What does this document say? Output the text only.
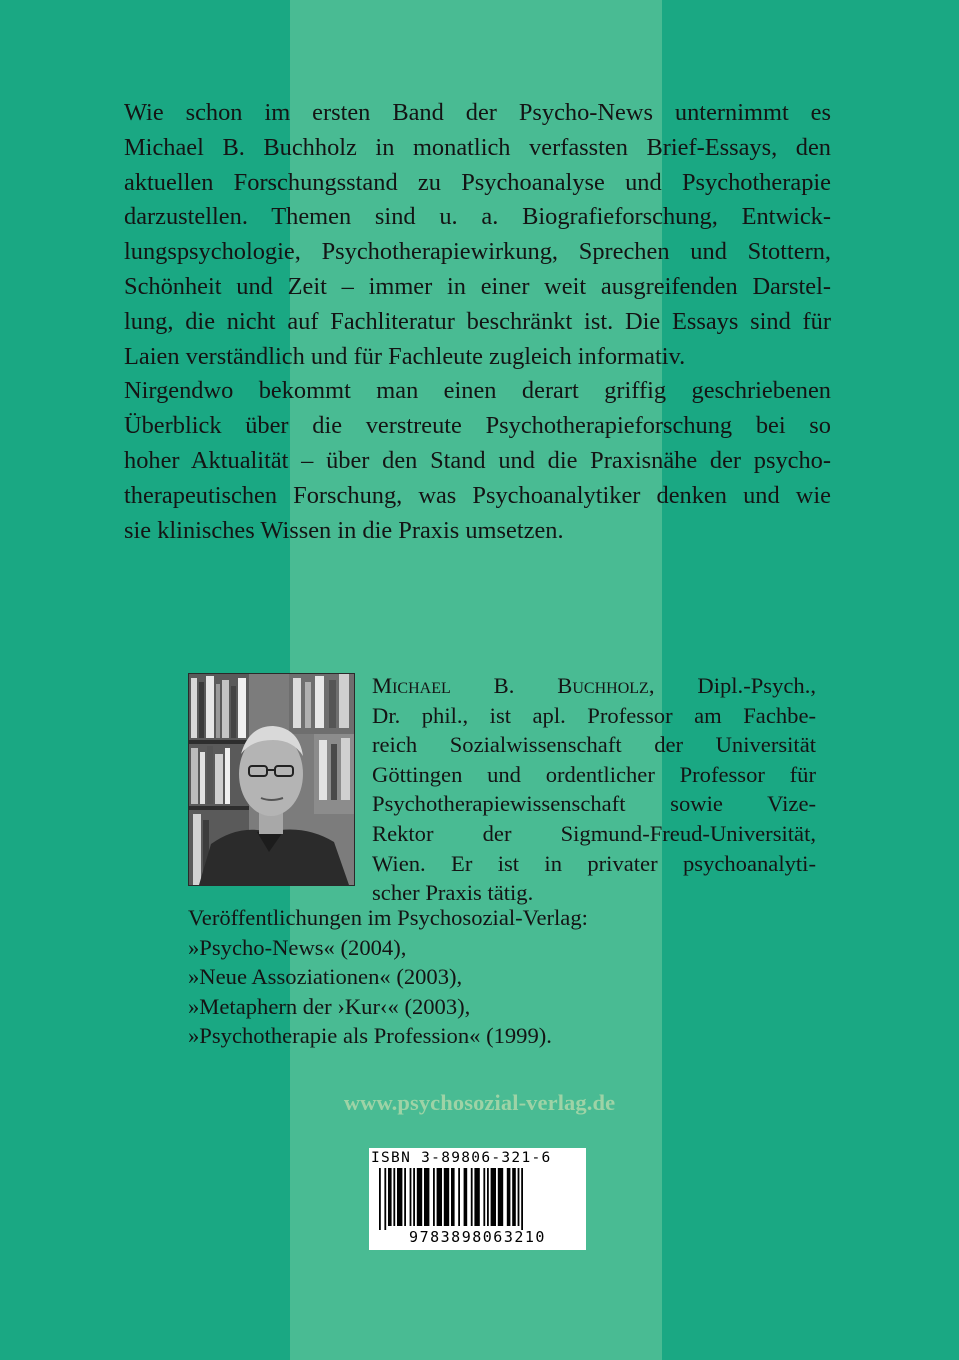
Wie schon im ersten Band der Psycho-News unternimmt es
Michael B. Buchholz in monatlich verfassten Brief-Essays, den
aktuellen Forschungsstand zu Psychoanalyse und Psychotherapie
darzustellen. Themen sind u. a. Biografieforschung, Entwick-
lungspsychologie, Psychotherapiewirkung, Sprechen und Stottern,
Schönheit und Zeit – immer in einer weit ausgreifenden Darstel-
lung, die nicht auf Fachliteratur beschränkt ist. Die Essays sind für
Laien verständlich und für Fachleute zugleich informativ.
Nirgendwo bekommt man einen derart griffig geschriebenen
Überblick über die verstreute Psychotherapieforschung bei so
hoher Aktualität – über den Stand und die Praxisnähe der psycho-
therapeutischen Forschung, was Psychoanalytiker denken und wie
sie klinisches Wissen in die Praxis umsetzen.
Michael B. Buchholz, Dipl.-Psych.,
Dr. phil., ist apl. Professor am Fachbe-
reich Sozialwissenschaft der Universität
Göttingen und ordentlicher Professor für
Psychotherapiewissenschaft sowie Vize-
Rektor der Sigmund-Freud-Universität,
Wien. Er ist in privater psychoanalyti-
scher Praxis tätig.
Veröffentlichungen im Psychosozial-Verlag:
»Psycho-News« (2004),
»Neue Assoziationen« (2003),
»Metaphern der ›Kur‹« (2003),
»Psychotherapie als Profession« (1999).
www.psychosozial-verlag.de
ISBN 3-89806-321-6
9783898063210
